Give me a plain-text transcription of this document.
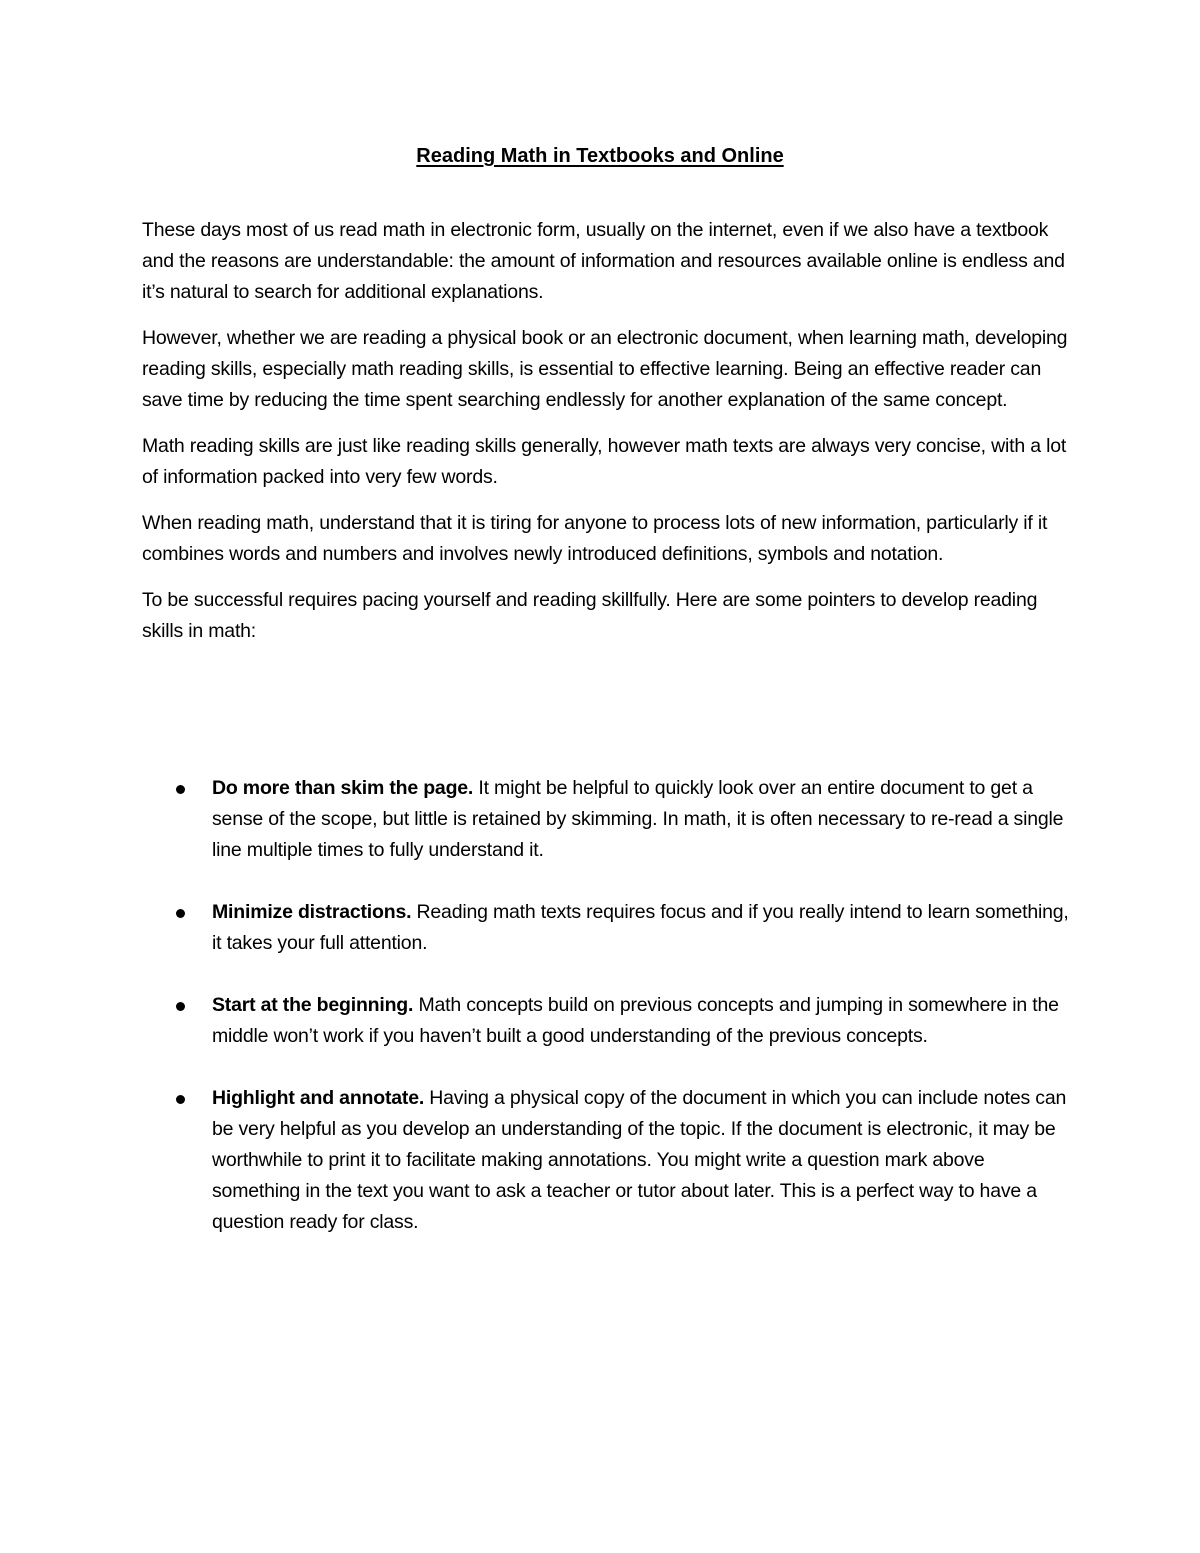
Reading Math in Textbooks and Online

These days most of us read math in electronic form, usually on the internet, even if we also have a textbook and the reasons are understandable: the amount of information and resources available online is endless and it’s natural to search for additional explanations.

However, whether we are reading a physical book or an electronic document, when learning math, developing reading skills, especially math reading skills, is essential to effective learning. Being an effective reader can save time by reducing the time spent searching endlessly for another explanation of the same concept.

Math reading skills are just like reading skills generally, however math texts are always very concise, with a lot of information packed into very few words.

When reading math, understand that it is tiring for anyone to process lots of new information, particularly if it combines words and numbers and involves newly introduced definitions, symbols and notation.

To be successful requires pacing yourself and reading skillfully. Here are some pointers to develop reading skills in math:

Do more than skim the page. It might be helpful to quickly look over an entire document to get a sense of the scope, but little is retained by skimming. In math, it is often necessary to re-read a single line multiple times to fully understand it.
Minimize distractions. Reading math texts requires focus and if you really intend to learn something, it takes your full attention.
Start at the beginning. Math concepts build on previous concepts and jumping in somewhere in the middle won’t work if you haven’t built a good understanding of the previous concepts.
Highlight and annotate. Having a physical copy of the document in which you can include notes can be very helpful as you develop an understanding of the topic. If the document is electronic, it may be worthwhile to print it to facilitate making annotations. You might write a question mark above something in the text you want to ask a teacher or tutor about later. This is a perfect way to have a question ready for class.
